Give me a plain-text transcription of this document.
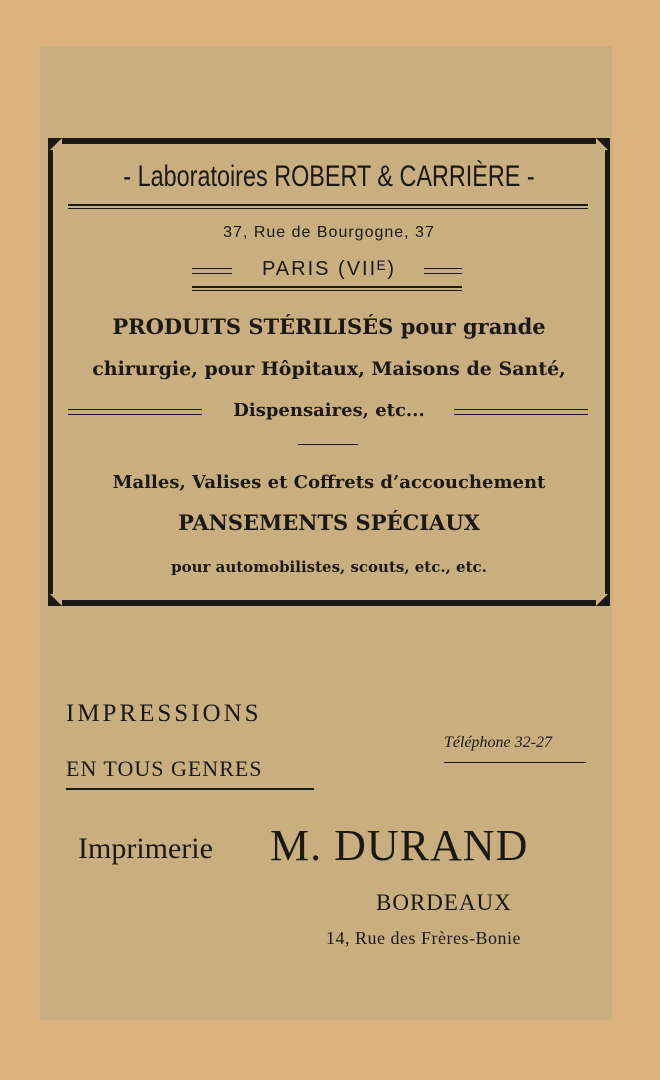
- Laboratoires ROBERT & CARRIÈRE -
37, Rue de Bourgogne, 37
PARIS (VIIᴱ)
PRODUITS STÉRILISÉS pour grande
chirurgie, pour Hôpitaux, Maisons de Santé,
Dispensaires, etc...
Malles, Valises et Coffrets d’accouchement
PANSEMENTS SPÉCIAUX
pour automobilistes, scouts, etc., etc.
IMPRESSIONS
EN TOUS GENRES
Téléphone 32-27
Imprimerie M. DURAND
BORDEAUX
14, Rue des Frères-Bonie
